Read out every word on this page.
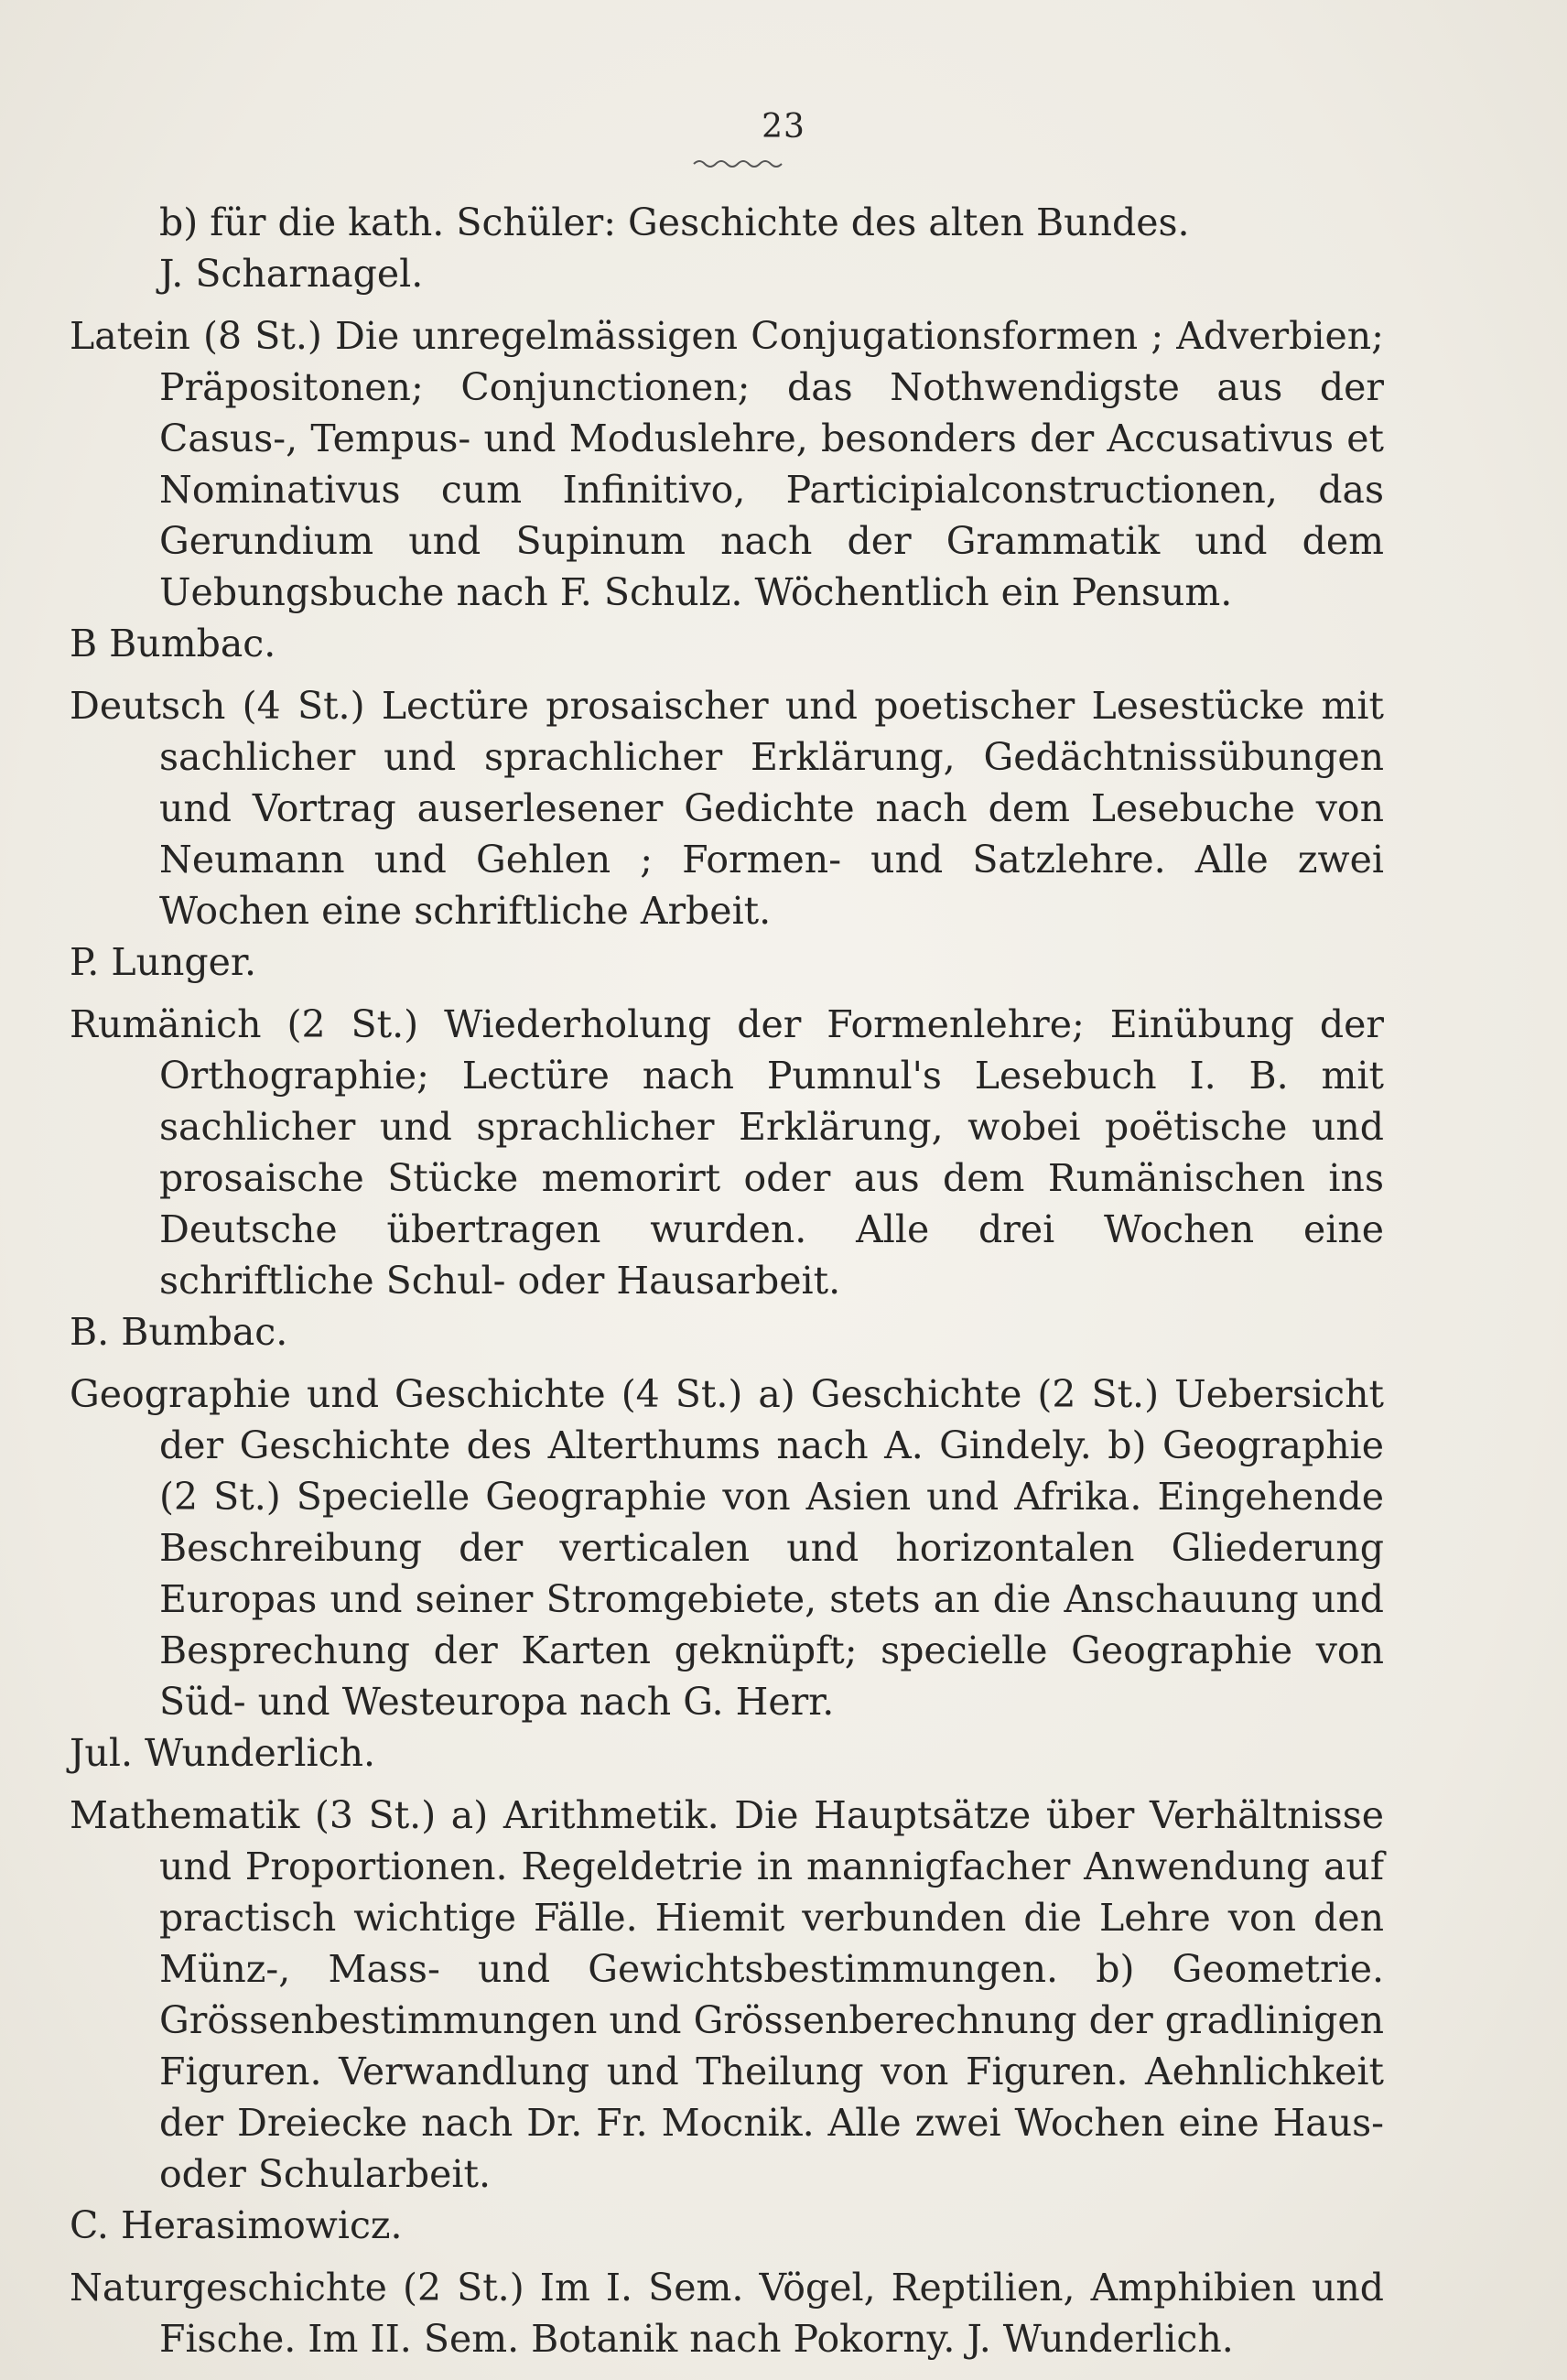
23

b) für die kath. Schüler: Geschichte des alten Bundes.

J. Scharnagel.

Latein (8 St.) Die unregelmässigen Conjugationsformen ; Adverbien; Präpositonen; Conjunctionen; das Nothwendigste aus der Casus-, Tempus- und Moduslehre, besonders der Accusativus et Nominativus cum Infinitivo, Participialconstructionen, das Gerundium und Supinum nach der Grammatik und dem Uebungsbuche nach F. Schulz. Wöchentlich ein Pensum.

B Bumbac.

Deutsch (4 St.) Lectüre prosaischer und poetischer Lesestücke mit sachlicher und sprachlicher Erklärung, Gedächtnissübungen und Vortrag auserlesener Gedichte nach dem Lesebuche von Neumann und Gehlen ; Formen- und Satzlehre. Alle zwei Wochen eine schriftliche Arbeit.

P. Lunger.

Rumänich (2 St.) Wiederholung der Formenlehre; Einübung der Orthographie; Lectüre nach Pumnul's Lesebuch I. B. mit sachlicher und sprachlicher Erklärung, wobei poëtische und prosaische Stücke memorirt oder aus dem Rumänischen ins Deutsche übertragen wurden. Alle drei Wochen eine schriftliche Schul- oder Hausarbeit.

B. Bumbac.

Geographie und Geschichte (4 St.) a) Geschichte (2 St.) Uebersicht der Geschichte des Alterthums nach A. Gindely. b) Geographie (2 St.) Specielle Geographie von Asien und Afrika. Eingehende Beschreibung der verticalen und horizontalen Gliederung Europas und seiner Stromgebiete, stets an die Anschauung und Besprechung der Karten geknüpft; specielle Geographie von Süd- und Westeuropa nach G. Herr.

Jul. Wunderlich.

Mathematik (3 St.) a) Arithmetik. Die Hauptsätze über Verhältnisse und Proportionen. Regeldetrie in mannigfacher Anwendung auf practisch wichtige Fälle. Hiemit verbunden die Lehre von den Münz-, Mass- und Gewichtsbestimmungen. b) Geometrie. Grössenbestimmungen und Grössenberechnung der gradlinigen Figuren. Verwandlung und Theilung von Figuren. Aehnlichkeit der Dreiecke nach Dr. Fr. Mocnik. Alle zwei Wochen eine Haus- oder Schularbeit.

C. Herasimowicz.

Naturgeschichte (2 St.) Im I. Sem. Vögel, Reptilien, Amphibien und Fische. Im II. Sem. Botanik nach Pokorny. J. Wunderlich.
